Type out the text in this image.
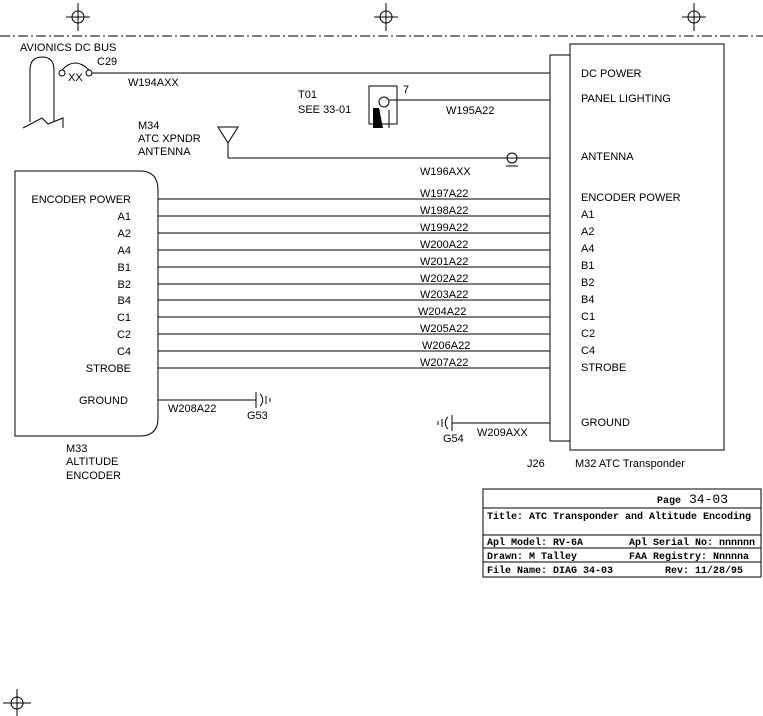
AVIONICS DC BUS
XX
C29
W194AXX
T01
SEE 33-01
7
W195A22
M34
ATC XPNDR
ANTENNA
W196AXX
ENCODER POWER
A1
A2
A4
B1
B2
B4
C1
C2
C4
STROBE
GROUND
M33
ALTITUDE
ENCODER
W208A22
G53
W197A22
W198A22
W199A22
W200A22
W201A22
W202A22
W203A22
W204A22
W205A22
W206A22
W207A22
DC POWER
PANEL LIGHTING
ANTENNA
ENCODER POWER
A1
A2
A4
B1
B2
B4
C1
C2
C4
STROBE
GROUND
J26	M32 ATC Transponder
G54 W209AXX
Page 34-03
Title: ATC Transponder and Altitude Encoding
Apl Model: RV-6A	Apl Serial No: nnnnnn
Drawn: M Talley	FAA Registry: Nnnnna
File Name: DIAG 34-03	Rev: 11/28/95
